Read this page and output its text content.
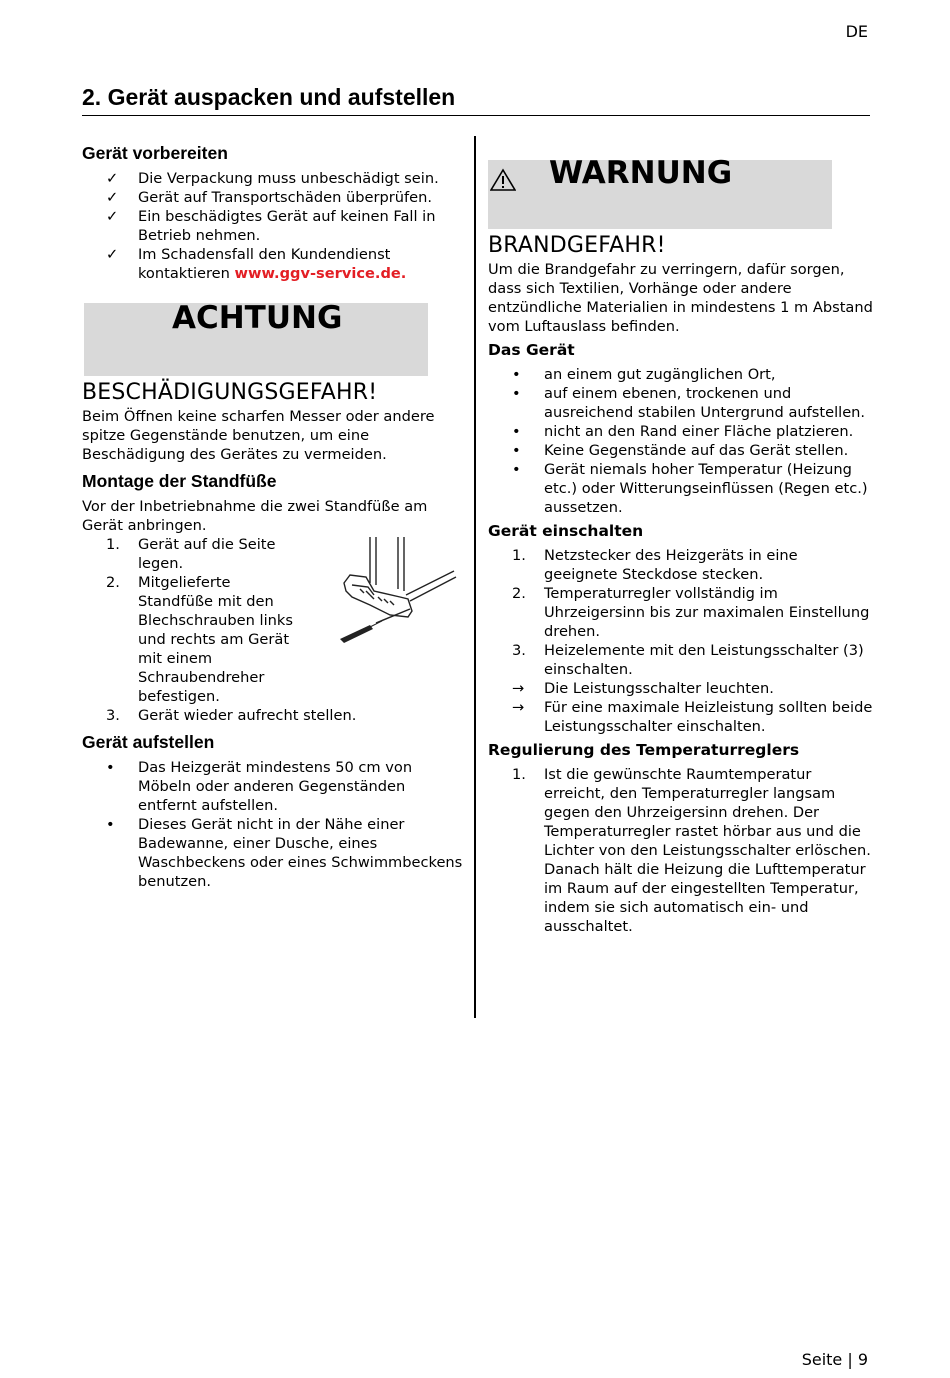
DE
2. Gerät auspacken und aufstellen
Gerät vorbereiten
✓ Die Verpackung muss unbeschädigt sein.
✓ Gerät auf Transportschäden überprüfen.
✓ Ein beschädigtes Gerät auf keinen Fall in Betrieb nehmen.
✓ Im Schadensfall den Kundendienst kontaktieren www.ggv-service.de.
ACHTUNG
BESCHÄDIGUNGSGEFAHR!

Beim Öffnen keine scharfen Messer oder andere spitze Gegenstände benutzen, um eine Beschädigung des Gerätes zu vermeiden.

Montage der Standfüße

Vor der Inbetriebnahme die zwei Standfüße am Gerät anbringen.

1. Gerät auf die Seite legen.
2. Mitgelieferte Standfüße mit den Blechschrauben links und rechts am Gerät mit einem Schraubendreher befestigen.
3. Gerät wieder aufrecht stellen.
Gerät aufstellen
• Das Heizgerät mindestens 50 cm von Möbeln oder anderen Gegenständen entfernt aufstellen.
• Dieses Gerät nicht in der Nähe einer Badewanne, einer Dusche, eines Waschbeckens oder eines Schwimmbeckens benutzen.
WARNUNG
BRANDGEFAHR!

Um die Brandgefahr zu verringern, dafür sorgen, dass sich Textilien, Vorhänge oder andere entzündliche Materialien in mindestens 1 m Abstand vom Luftauslass befinden.

Das Gerät
• an einem gut zugänglichen Ort,
• auf einem ebenen, trockenen und ausreichend stabilen Untergrund aufstellen.
• nicht an den Rand einer Fläche platzieren.
• Keine Gegenstände auf das Gerät stellen.
• Gerät niemals hoher Temperatur (Heizung etc.) oder Witterungseinflüssen (Regen etc.) aussetzen.
Gerät einschalten
1. Netzstecker des Heizgeräts in eine geeignete Steckdose stecken.
2. Temperaturregler vollständig im Uhrzeigersinn bis zur maximalen Einstellung drehen.
3. Heizelemente mit den Leistungsschalter (3) einschalten.
→ Die Leistungsschalter leuchten.
→ Für eine maximale Heizleistung sollten beide Leistungsschalter einschalten.
Regulierung des Temperaturreglers
1. Ist die gewünschte Raumtemperatur erreicht, den Temperaturregler langsam gegen den Uhrzeigersinn drehen. Der Temperaturregler rastet hörbar aus und die Lichter von den Leistungsschalter erlöschen. Danach hält die Heizung die Lufttemperatur im Raum auf der eingestellten Temperatur, indem sie sich automatisch ein- und ausschaltet.
Seite | 9
